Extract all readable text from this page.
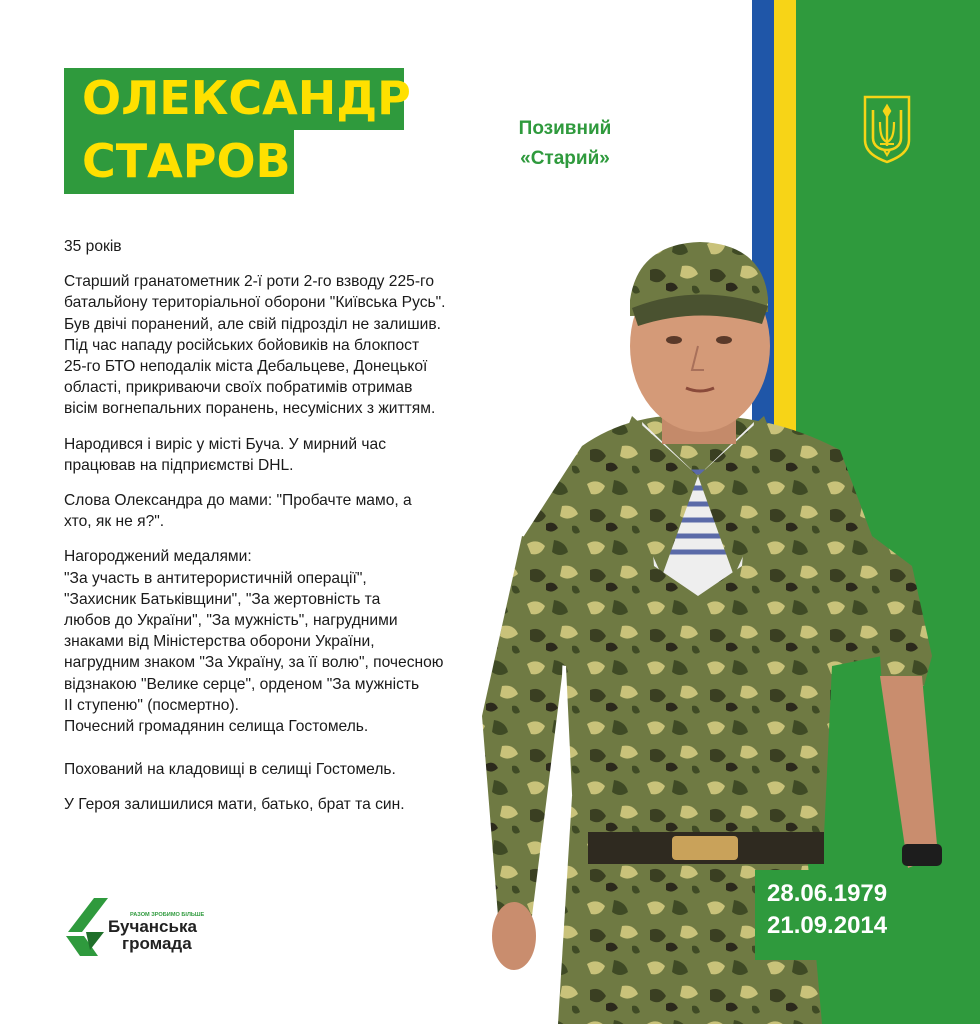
ОЛЕКСАНДР
СТАРОВ
Позивний
«Старий»

35 років

Старший гранатометник 2-ї роти 2-го взводу 225-го
батальйону територіальної оборони "Київська Русь".
Був двічі поранений, але свій підрозділ не залишив.
Під час нападу російських бойовиків на блокпост
25-го БТО неподалік міста Дебальцеве, Донецької
області, прикриваючи своїх побратимів отримав
вісім вогнепальних поранень, несумісних з життям.

Народився і виріс у місті Буча. У мирний час
працював на підприємстві DHL.

Слова Олександра до мами: "Пробачте мамо, а
хто, як не я?".

Нагороджений медалями:
"За участь в антитерористичній операції",
"Захисник Батьківщини", "За жертовність та
любов до України", "За мужність", нагрудними
знаками від Міністерства оборони України,
нагрудним знаком "За Україну, за її волю", почесною
відзнакою "Велике серце", орденом "За мужність
ІІ ступеню" (посмертно).
Почесний громадянин селища Гостомель.

Похований на кладовищі в селищі Гостомель.

У Героя залишилися мати, батько, брат та син.

28.06.1979
21.09.2014
РАЗОМ ЗРОБИМО БІЛЬШЕ
Бучанська
громада
